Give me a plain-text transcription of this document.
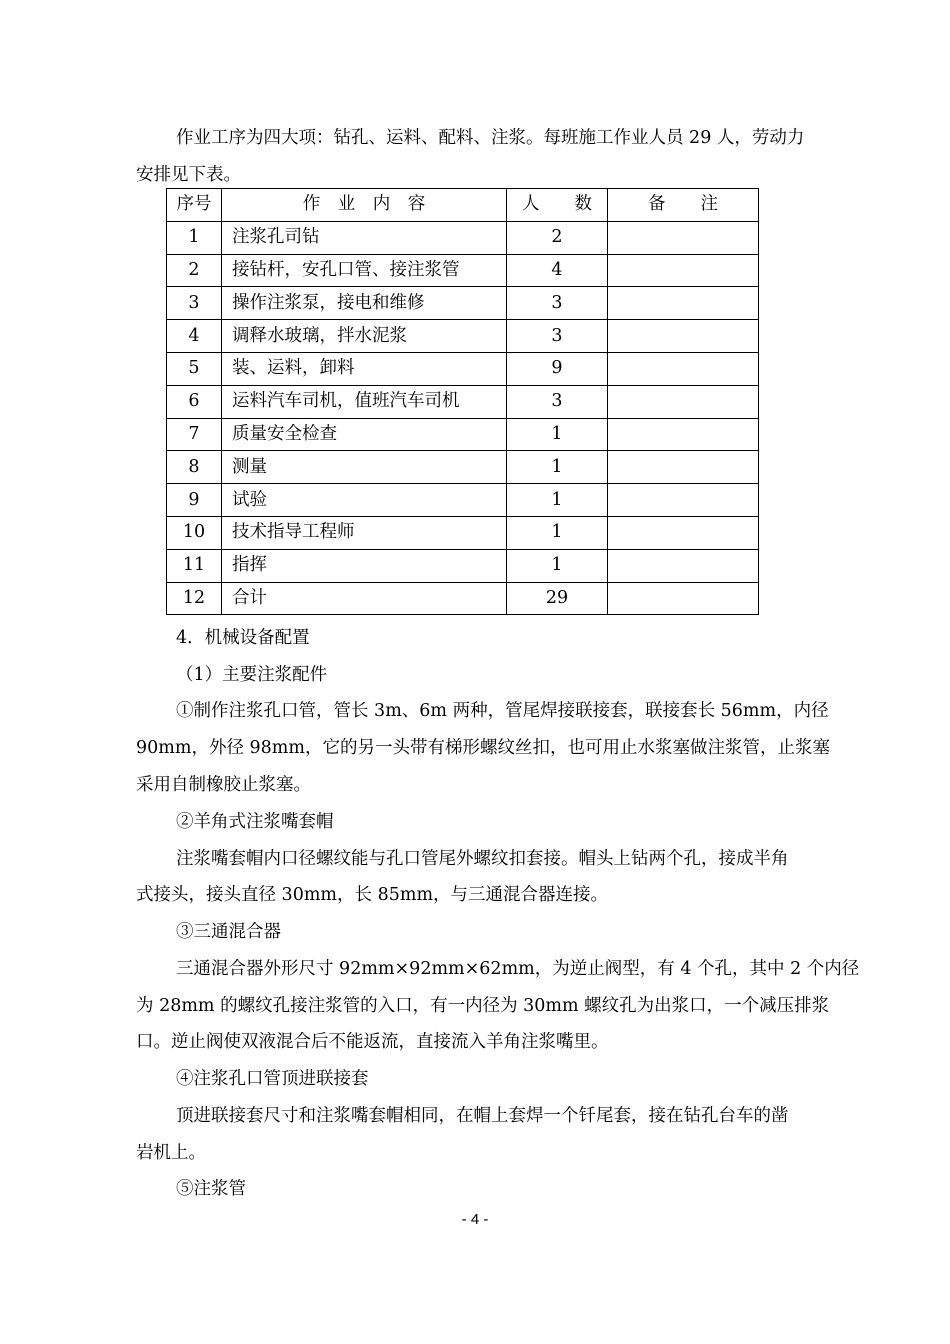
作业工序为四大项：钻孔、运料、配料、注浆。每班施工作业人员 29 人，劳动力

安排见下表。

序号	作　业　内　容	人　　数	备　　注
1	注浆孔司钻	2	
2	接钻杆，安孔口管、接注浆管	4	
3	操作注浆泵，接电和维修	3	
4	调释水玻璃，拌水泥浆	3	
5	装、运料，卸料	9	
6	运料汽车司机，值班汽车司机	3	
7	质量安全检查	1	
8	测量	1	
9	试验	1	
10	技术指导工程师	1	
11	指挥	1	
12	合计	29	

4．机械设备配置

（1）主要注浆配件

①制作注浆孔口管，管长 3m、6m 两种，管尾焊接联接套，联接套长 56mm，内径

90mm，外径 98mm，它的另一头带有梯形螺纹丝扣，也可用止水浆塞做注浆管，止浆塞

采用自制橡胶止浆塞。

②羊角式注浆嘴套帽

注浆嘴套帽内口径螺纹能与孔口管尾外螺纹扣套接。帽头上钻两个孔，接成半角

式接头，接头直径 30mm，长 85mm，与三通混合器连接。

③三通混合器

三通混合器外形尺寸 92mm×92mm×62mm，为逆止阀型，有 4 个孔，其中 2 个内径

为 28mm 的螺纹孔接注浆管的入口，有一内径为 30mm 螺纹孔为出浆口，一个减压排浆

口。逆止阀使双液混合后不能返流，直接流入羊角注浆嘴里。

④注浆孔口管顶进联接套

顶进联接套尺寸和注浆嘴套帽相同，在帽上套焊一个钎尾套，接在钻孔台车的凿

岩机上。

⑤注浆管

- 4 -
